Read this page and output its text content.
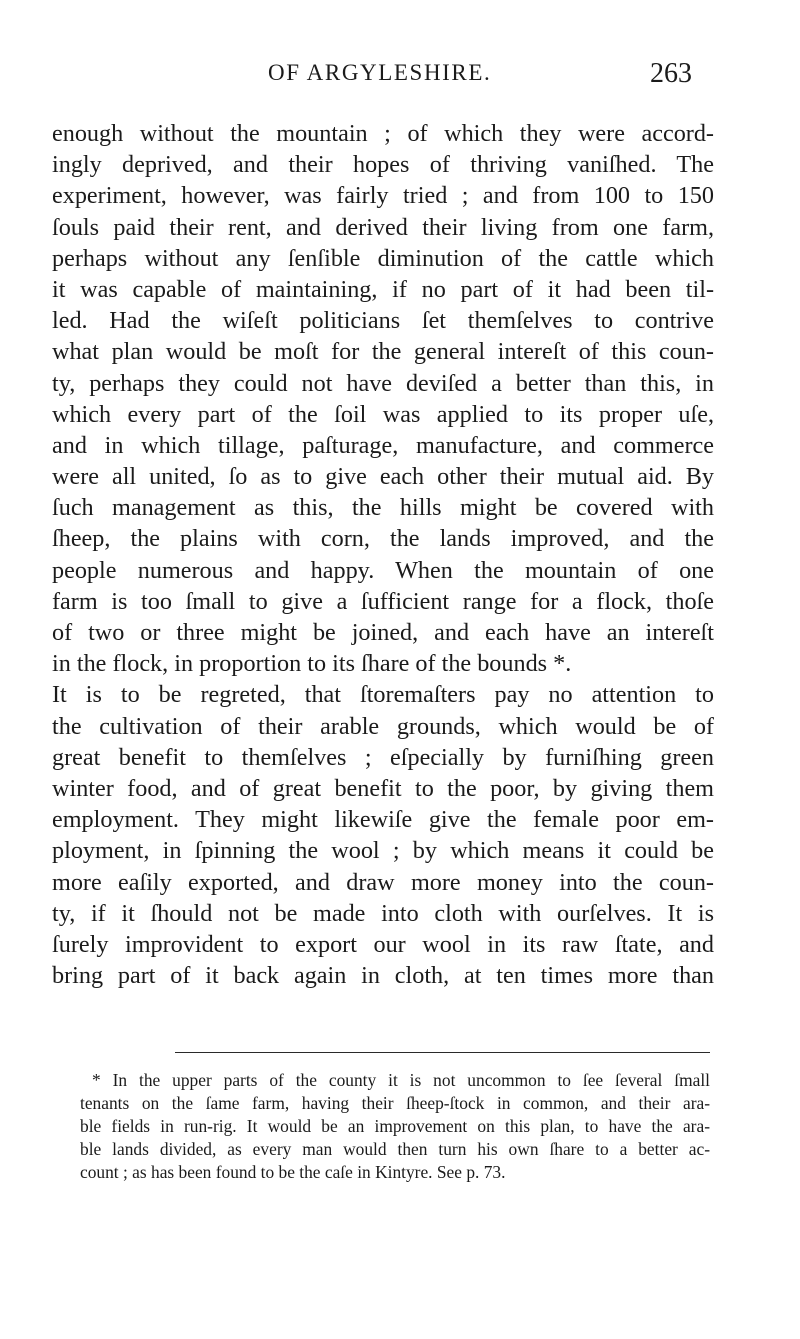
OF ARGYLESHIRE.	263
enough without the mountain ; of which they were accord-
ingly deprived, and their hopes of thriving vaniſhed. The
experiment, however, was fairly tried ; and from 100 to 150
ſouls paid their rent, and derived their living from one farm,
perhaps without any ſenſible diminution of the cattle which
it was capable of maintaining, if no part of it had been til-
led. Had the wiſeſt politicians ſet themſelves to contrive
what plan would be moſt for the general intereſt of this coun-
ty, perhaps they could not have deviſed a better than this, in
which every part of the ſoil was applied to its proper uſe,
and in which tillage, paſturage, manufacture, and commerce
were all united, ſo as to give each other their mutual aid. By
ſuch management as this, the hills might be covered with
ſheep, the plains with corn, the lands improved, and the
people numerous and happy. When the mountain of one
farm is too ſmall to give a ſufficient range for a flock, thoſe
of two or three might be joined, and each have an intereſt
in the flock, in proportion to its ſhare of the bounds *.
It is to be regreted, that ſtoremaſters pay no attention to
the cultivation of their arable grounds, which would be of
great benefit to themſelves ; eſpecially by furniſhing green
winter food, and of great benefit to the poor, by giving them
employment. They might likewiſe give the female poor em-
ployment, in ſpinning the wool ; by which means it could be
more eaſily exported, and draw more money into the coun-
ty, if it ſhould not be made into cloth with ourſelves. It is
ſurely improvident to export our wool in its raw ſtate, and
bring part of it back again in cloth, at ten times more than
* In the upper parts of the county it is not uncommon to ſee ſeveral ſmall
tenants on the ſame farm, having their ſheep-ſtock in common, and their ara-
ble fields in run-rig. It would be an improvement on this plan, to have the ara-
ble lands divided, as every man would then turn his own ſhare to a better ac-
count ; as has been found to be the caſe in Kintyre. See p. 73.
